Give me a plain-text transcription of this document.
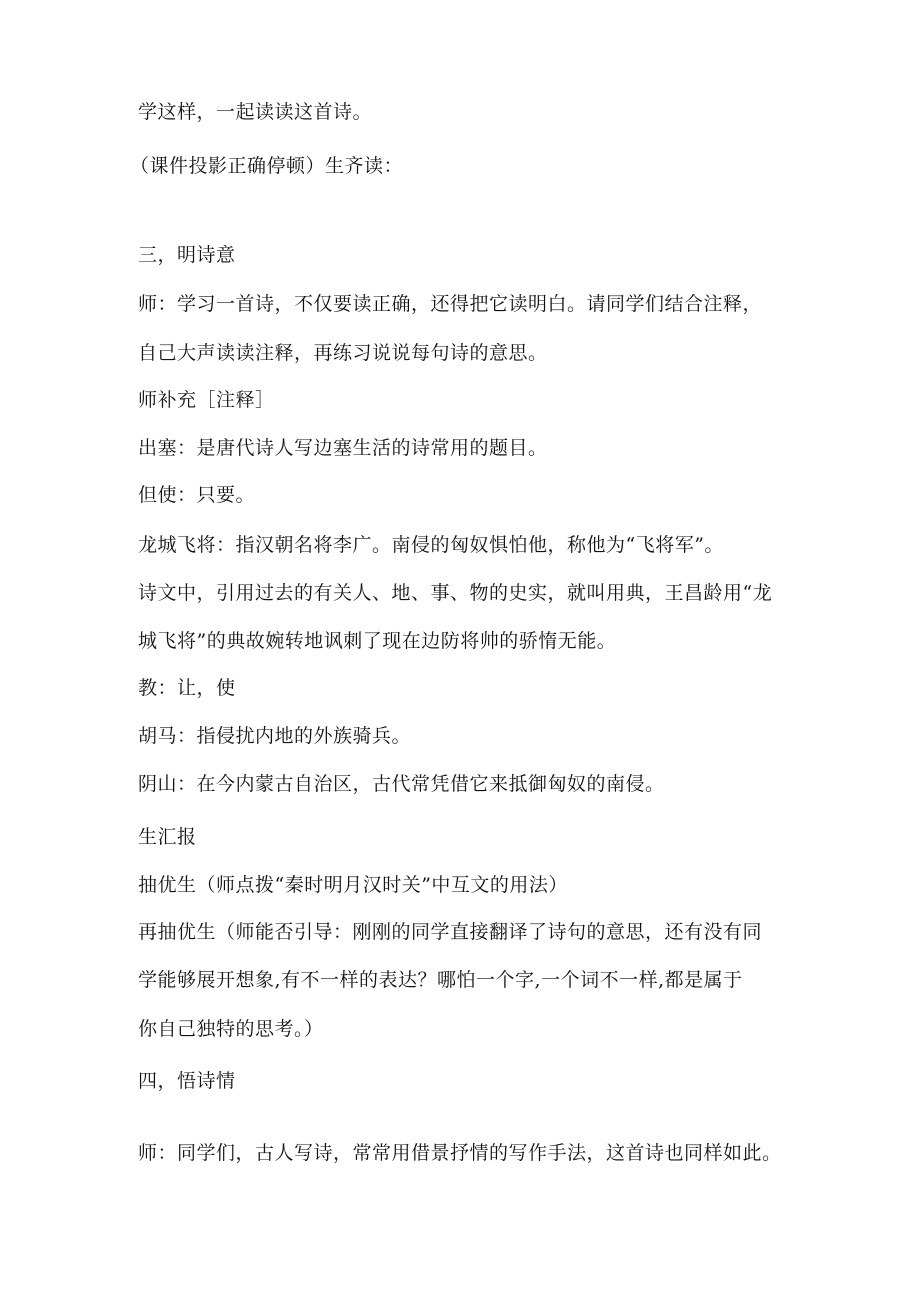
学这样，一起读读这首诗。

（课件投影正确停顿）生齐读：

三，明诗意

师：学习一首诗，不仅要读正确，还得把它读明白。请同学们结合注释，

自己大声读读注释，再练习说说每句诗的意思。

师补充［注释］

出塞：是唐代诗人写边塞生活的诗常用的题目。

但使：只要。

龙城飞将：指汉朝名将李广。南侵的匈奴惧怕他，称他为“飞将军”。

诗文中，引用过去的有关人、地、事、物的史实，就叫用典，王昌龄用“龙

城飞将”的典故婉转地讽刺了现在边防将帅的骄惰无能。

教：让，使

胡马：指侵扰内地的外族骑兵。

阴山：在今内蒙古自治区，古代常凭借它来抵御匈奴的南侵。

生汇报

抽优生（师点拨“秦时明月汉时关”中互文的用法）

再抽优生（师能否引导：刚刚的同学直接翻译了诗句的意思，还有没有同

学能够展开想象,有不一样的表达？哪怕一个字,一个词不一样,都是属于

你自己独特的思考。）

四，悟诗情

师：同学们，古人写诗，常常用借景抒情的写作手法，这首诗也同样如此。
